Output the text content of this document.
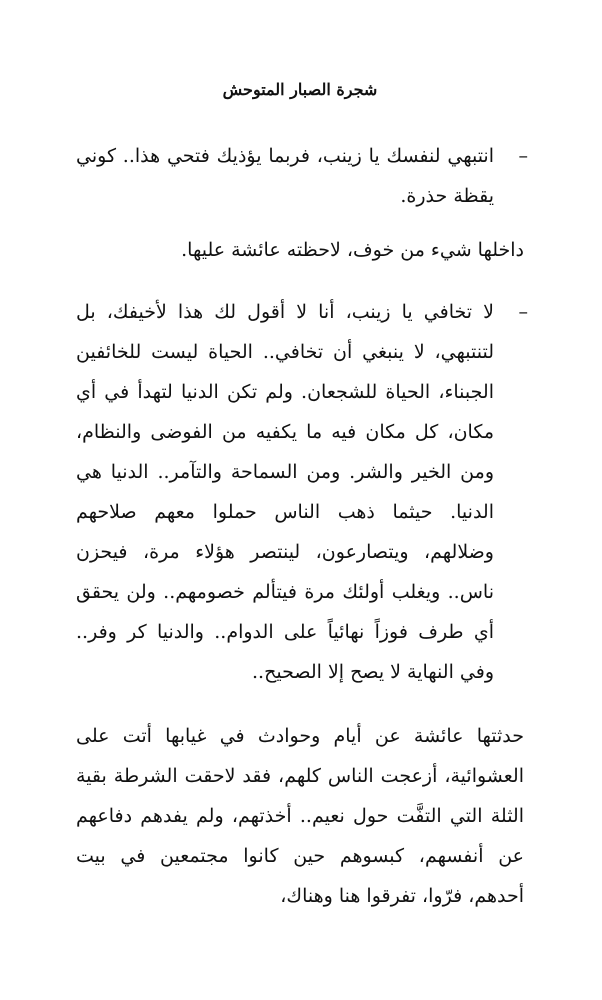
شجرة الصبار المتوحش
–

انتبهي لنفسك يا زينب، فربما يؤذيك فتحي هذا.. كوني يقظة حذرة.

داخلها شيء من خوف، لاحظته عائشة عليها.

–

لا تخافي يا زينب، أنا لا أقول لك هذا لأخيفك، بل لتنتبهي، لا ينبغي أن تخافي.. الحياة ليست للخائفين الجبناء، الحياة للشجعان. ولم تكن الدنيا لتهدأ في أي مكان، كل مكان فيه ما يكفيه من الفوضى والنظام، ومن الخير والشر. ومن السماحة والتآمر.. الدنيا هي الدنيا. حيثما ذهب الناس حملوا معهم صلاحهم وضلالهم، ويتصارعون، لينتصر هؤلاء مرة، فيحزن ناس.. ويغلب أولئك مرة فيتألم خصومهم.. ولن يحقق أي طرف فوزاً نهائياً على الدوام.. والدنيا كر وفر.. وفي النهاية لا يصح إلا الصحيح..

حدثتها عائشة عن أيام وحوادث في غيابها أتت على العشوائية، أزعجت الناس كلهم، فقد لاحقت الشرطة بقية الثلة التي التفَّت حول نعيم.. أخذتهم، ولم يفدهم دفاعهم عن أنفسهم، كبسوهم حين كانوا مجتمعين في بيت أحدهم، فرّوا، تفرقوا هنا وهناك،
